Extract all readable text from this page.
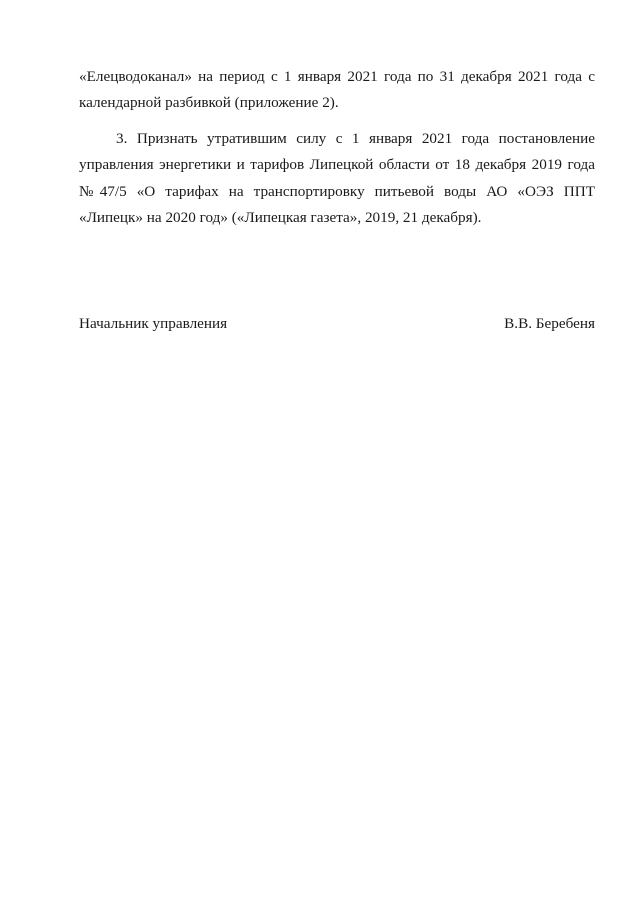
«Елецводоканал» на период с 1 января 2021 года по 31 декабря 2021 года с
календарной разбивкой (приложение 2).
3. Признать утратившим силу с 1 января 2021 года постановление
управления энергетики и тарифов Липецкой области от 18 декабря 2019 года
№47/5 «О тарифах на транспортировку питьевой воды АО «ОЭЗ ППТ
«Липецк» на 2020 год» («Липецкая газета», 2019, 21 декабря).
Начальник управления	В.В. Беребеня
